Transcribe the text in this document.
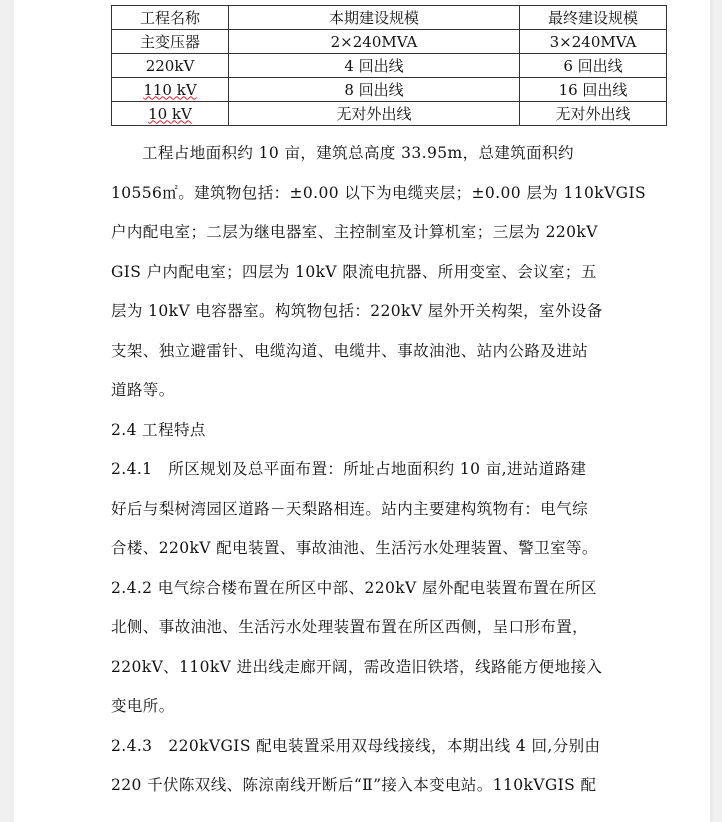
工程名称	本期建设规模	最终建设规模
主变压器	2×240MVA	3×240MVA
220kV	4 回出线	6 回出线
110 kV	8 回出线	16 回出线
10 kV	无对外出线	无对外出线
工程占地面积约 10 亩，建筑总高度 33.95m，总建筑面积约
10556㎡。建筑物包括：±0.00 以下为电缆夹层；±0.00 层为 110kVGIS
户内配电室；二层为继电器室、主控制室及计算机室；三层为 220kV
GIS 户内配电室；四层为 10kV 限流电抗器、所用变室、会议室；五
层为 10kV 电容器室。构筑物包括：220kV 屋外开关构架，室外设备
支架、独立避雷针、电缆沟道、电缆井、事故油池、站内公路及进站
道路等。
2.4 工程特点
2.4.1　所区规划及总平面布置：所址占地面积约 10 亩,进站道路建
好后与梨树湾园区道路－天梨路相连。站内主要建构筑物有：电气综
合楼、220kV 配电装置、事故油池、生活污水处理装置、警卫室等。
2.4.2 电气综合楼布置在所区中部、220kV 屋外配电装置布置在所区
北侧、事故油池、生活污水处理装置布置在所区西侧，呈口形布置，
220kV、110kV 进出线走廊开阔，需改造旧铁塔，线路能方便地接入
变电所。
2.4.3　220kVGIS 配电装置采用双母线接线，本期出线 4 回,分别由
220 千伏陈双线、陈涼南线开断后“Ⅱ”接入本变电站。110kVGIS 配
